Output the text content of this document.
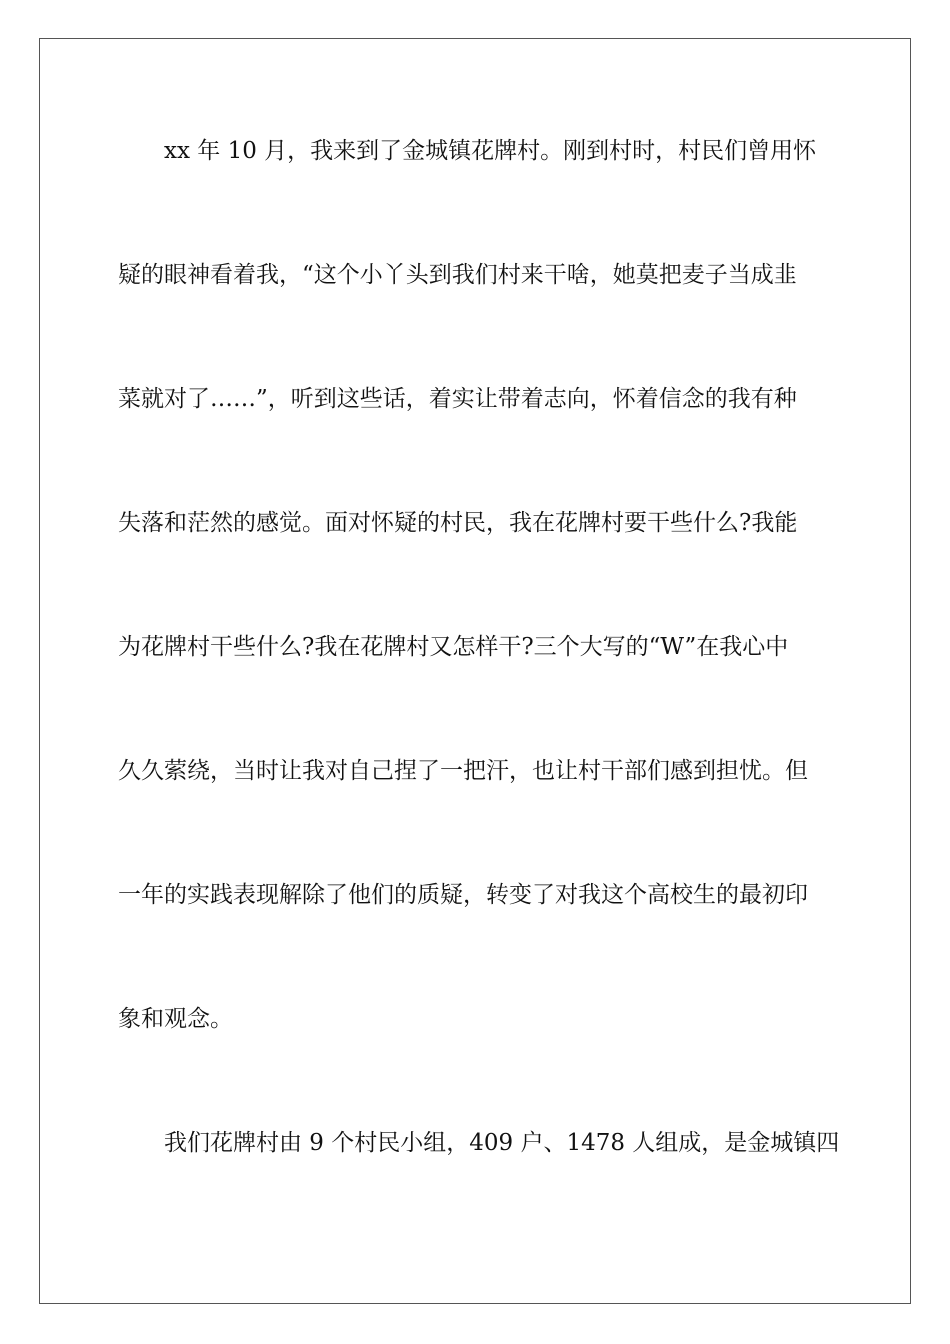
xx 年 10 月，我来到了金城镇花牌村。刚到村时，村民们曾用怀
疑的眼神看着我，“这个小丫头到我们村来干啥，她莫把麦子当成韭
菜就对了……”，听到这些话，着实让带着志向，怀着信念的我有种
失落和茫然的感觉。面对怀疑的村民，我在花牌村要干些什么?我能
为花牌村干些什么?我在花牌村又怎样干?三个大写的“W”在我心中
久久萦绕，当时让我对自己捏了一把汗，也让村干部们感到担忧。但
一年的实践表现解除了他们的质疑，转变了对我这个高校生的最初印
象和观念。
我们花牌村由 9 个村民小组，409 户、1478 人组成，是金城镇四
